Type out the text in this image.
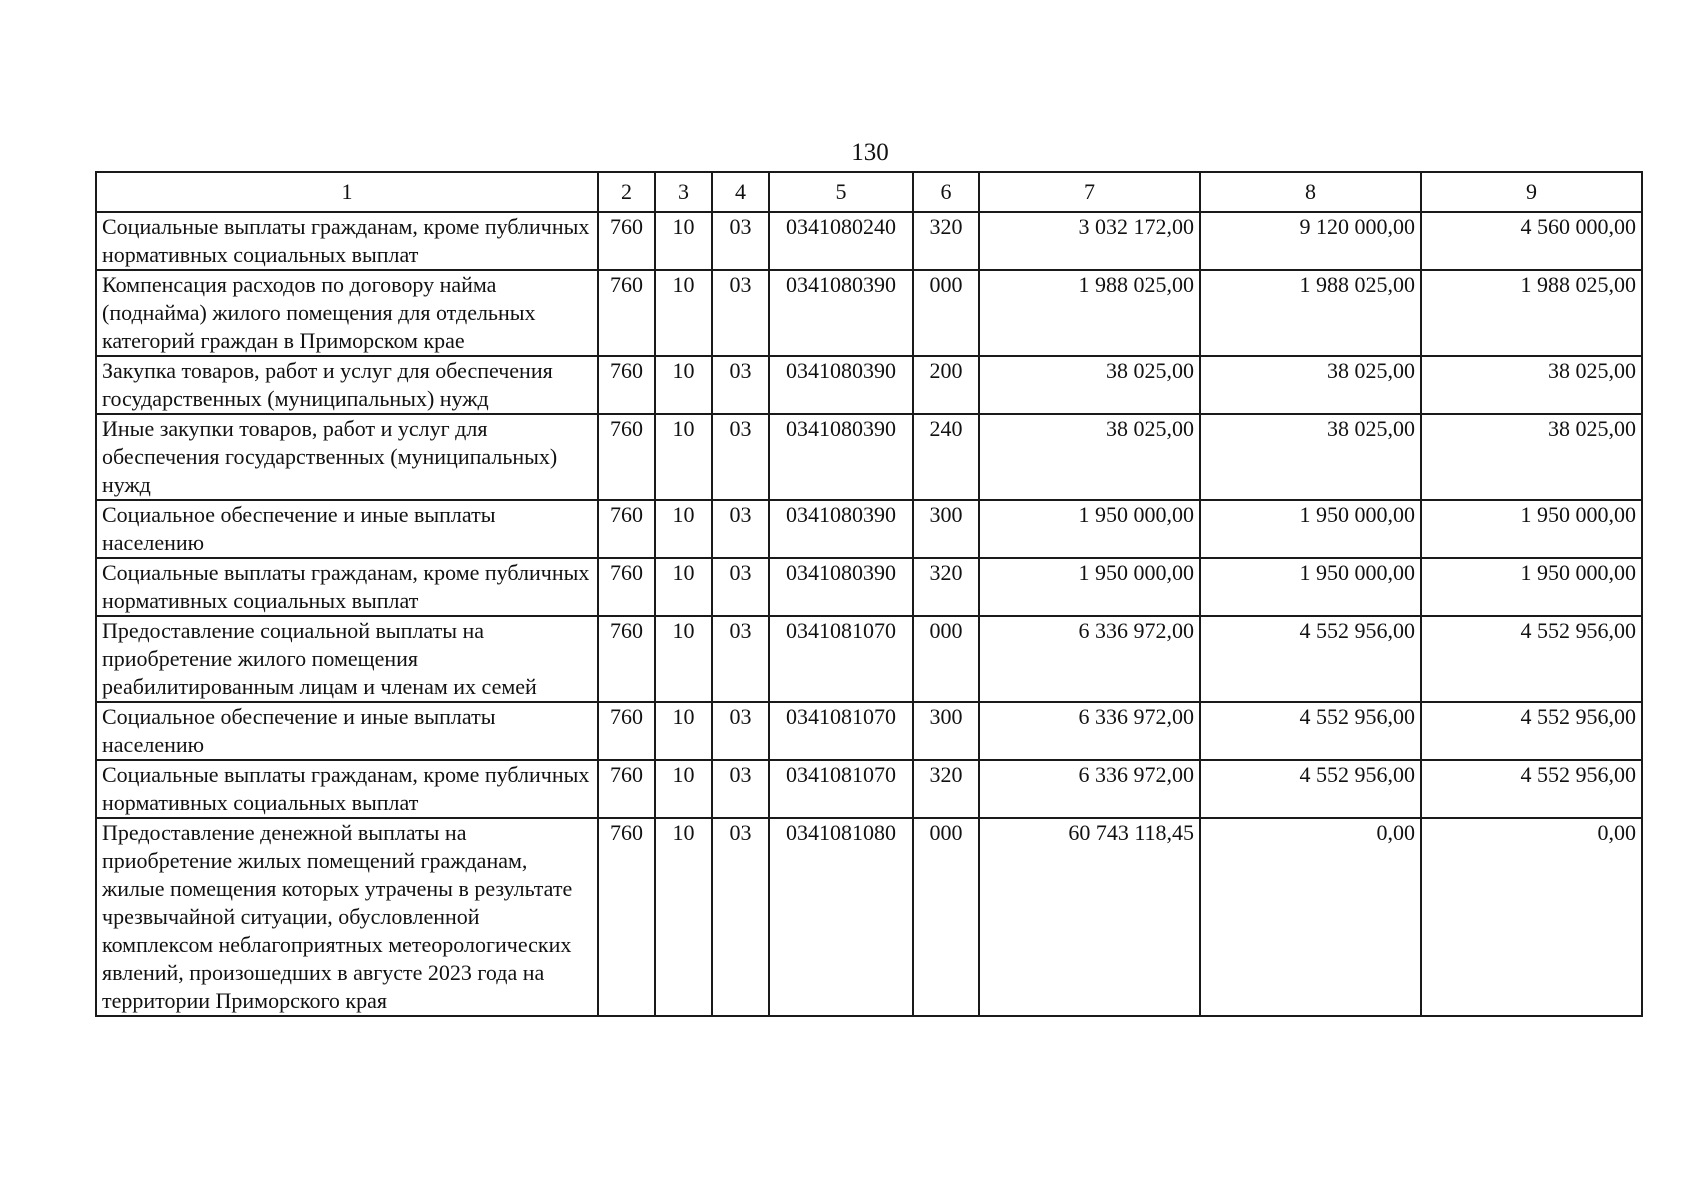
130
1	2	3	4	5	6	7	8	9
Социальные выплаты гражданам, кроме публичных нормативных социальных выплат	760	10	03	0341080240	320	3 032 172,00	9 120 000,00	4 560 000,00
Компенсация расходов по договору найма (поднайма) жилого помещения для отдельных категорий граждан в Приморском крае	760	10	03	0341080390	000	1 988 025,00	1 988 025,00	1 988 025,00
Закупка товаров, работ и услуг для обеспечения государственных (муниципальных) нужд	760	10	03	0341080390	200	38 025,00	38 025,00	38 025,00
Иные закупки товаров, работ и услуг для обеспечения государственных (муниципальных) нужд	760	10	03	0341080390	240	38 025,00	38 025,00	38 025,00
Социальное обеспечение и иные выплаты населению	760	10	03	0341080390	300	1 950 000,00	1 950 000,00	1 950 000,00
Социальные выплаты гражданам, кроме публичных нормативных социальных выплат	760	10	03	0341080390	320	1 950 000,00	1 950 000,00	1 950 000,00
Предоставление социальной выплаты на приобретение жилого помещения реабилитированным лицам и членам их семей	760	10	03	0341081070	000	6 336 972,00	4 552 956,00	4 552 956,00
Социальное обеспечение и иные выплаты населению	760	10	03	0341081070	300	6 336 972,00	4 552 956,00	4 552 956,00
Социальные выплаты гражданам, кроме публичных нормативных социальных выплат	760	10	03	0341081070	320	6 336 972,00	4 552 956,00	4 552 956,00
Предоставление денежной выплаты на приобретение жилых помещений гражданам, жилые помещения которых утрачены в результате чрезвычайной ситуации, обусловленной комплексом неблагоприятных метеорологических явлений, произошедших в августе 2023 года на территории Приморского края	760	10	03	0341081080	000	60 743 118,45	0,00	0,00
